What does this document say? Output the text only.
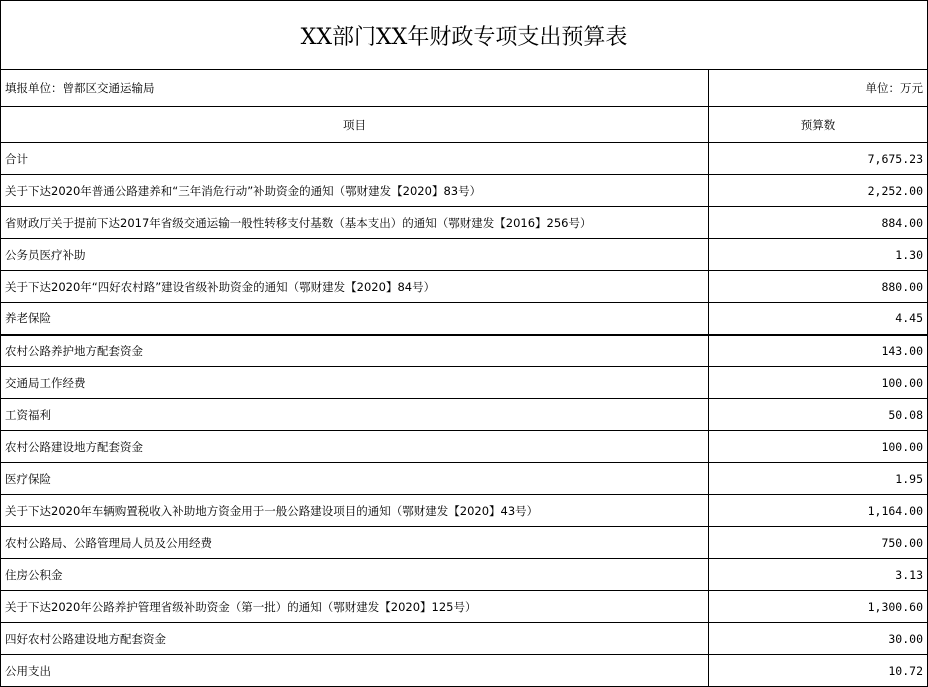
XX部门XX年财政专项支出预算表	
填报单位：曾都区交通运输局	单位：万元
项目	预算数
合计	7,675.23
关于下达2020年普通公路建养和“三年消危行动”补助资金的通知（鄂财建发【2020】83号）	2,252.00
省财政厅关于提前下达2017年省级交通运输一般性转移支付基数（基本支出）的通知（鄂财建发【2016】256号）	884.00
公务员医疗补助	1.30
关于下达2020年“四好农村路”建设省级补助资金的通知（鄂财建发【2020】84号）	880.00
养老保险	4.45
农村公路养护地方配套资金	143.00
交通局工作经费	100.00
工资福利	50.08
农村公路建设地方配套资金	100.00
医疗保险	1.95
关于下达2020年车辆购置税收入补助地方资金用于一般公路建设项目的通知（鄂财建发【2020】43号）	1,164.00
农村公路局、公路管理局人员及公用经费	750.00
住房公积金	3.13
关于下达2020年公路养护管理省级补助资金（第一批）的通知（鄂财建发【2020】125号）	1,300.60
四好农村公路建设地方配套资金	30.00
公用支出	10.72
